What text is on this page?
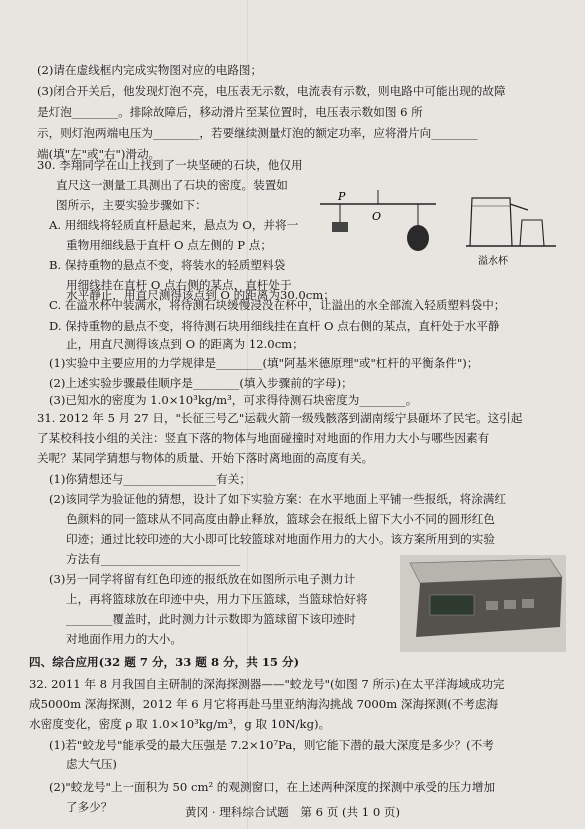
(2)请在虚线框内完成实物图对应的电路图；
(3)闭合开关后，他发现灯泡不亮，电压表无示数，电流表有示数，则电路中可能出现的故障
是灯泡________。排除故障后，移动滑片至某位置时，电压表示数如图 6 所
示，则灯泡两端电压为________，若要继续测量灯泡的额定功率，应将滑片向________
端(填"左"或"右")滑动。
30. 李翔同学在山上找到了一块坚硬的石块，他仅用
直尺这一测量工具测出了石块的密度。装置如
图所示，主要实验步骤如下：
A. 用细线将轻质直杆悬起来，悬点为 O，并将一
重物用细线悬于直杆 O 点左侧的 P 点；
B. 保持重物的悬点不变，将装水的轻质塑料袋
用细线挂在直杆 O 点右侧的某点，直杆处于
水平静止，用直尺测得该点到 O 的距离为30.0cm；
C. 在溢水杯中装满水，将待测石块缓慢浸没在杯中，让溢出的水全部流入轻质塑料袋中；
D. 保持重物的悬点不变，将待测石块用细线挂在直杆 O 点右侧的某点，直杆处于水平静
止，用直尺测得该点到 O 的距离为 12.0cm；
(1)实验中主要应用的力学规律是________(填"阿基米德原理"或"杠杆的平衡条件")；
(2)上述实验步骤最佳顺序是________(填入步骤前的字母)；
(3)已知水的密度为 1.0×10³kg/m³，可求得待测石块密度为________。
31. 2012 年 5 月 27 日，"长征三号乙"运载火箭一级残骸落到湖南绥宁县砸坏了民宅。这引起
了某校科技小组的关注：竖直下落的物体与地面碰撞时对地面的作用力大小与哪些因素有
关呢？某同学猜想与物体的质量、开始下落时离地面的高度有关。
(1)你猜想还与________________有关；
(2)该同学为验证他的猜想，设计了如下实验方案：在水平地面上平铺一些报纸，将涂满红
色颜料的同一篮球从不同高度由静止释放，篮球会在报纸上留下大小不同的圆形红色
印迹；通过比较印迹的大小即可比较篮球对地面作用力的大小。该方案所用到的实验
方法有________________________
(3)另一同学将留有红色印迹的报纸放在如图所示电子测力计
上，再将篮球放在印迹中央，用力下压篮球，当篮球恰好将
________覆盖时，此时测力计示数即为篮球留下该印迹时
对地面作用力的大小。
四、综合应用(32 题 7 分，33 题 8 分，共 15 分)
32. 2011 年 8 月我国自主研制的深海探测器——"蛟龙号"(如图 7 所示)在太平洋海域成功完
成5000m 深海探测，2012 年 6 月它将再赴马里亚纳海沟挑战 7000m 深海探测(不考虑海
水密度变化，密度 ρ 取 1.0×10³kg/m³，g 取 10N/kg)。
(1)若"蛟龙号"能承受的最大压强是 7.2×10⁷Pa，则它能下潜的最大深度是多少？(不考
虑大气压)
(2)"蛟龙号"上一面积为 50 cm² 的观测窗口，在上述两种深度的探测中承受的压力增加
了多少？
P
O
溢水杯
黄冈 · 理科综合试题　第 6 页 (共 1 0 页)
